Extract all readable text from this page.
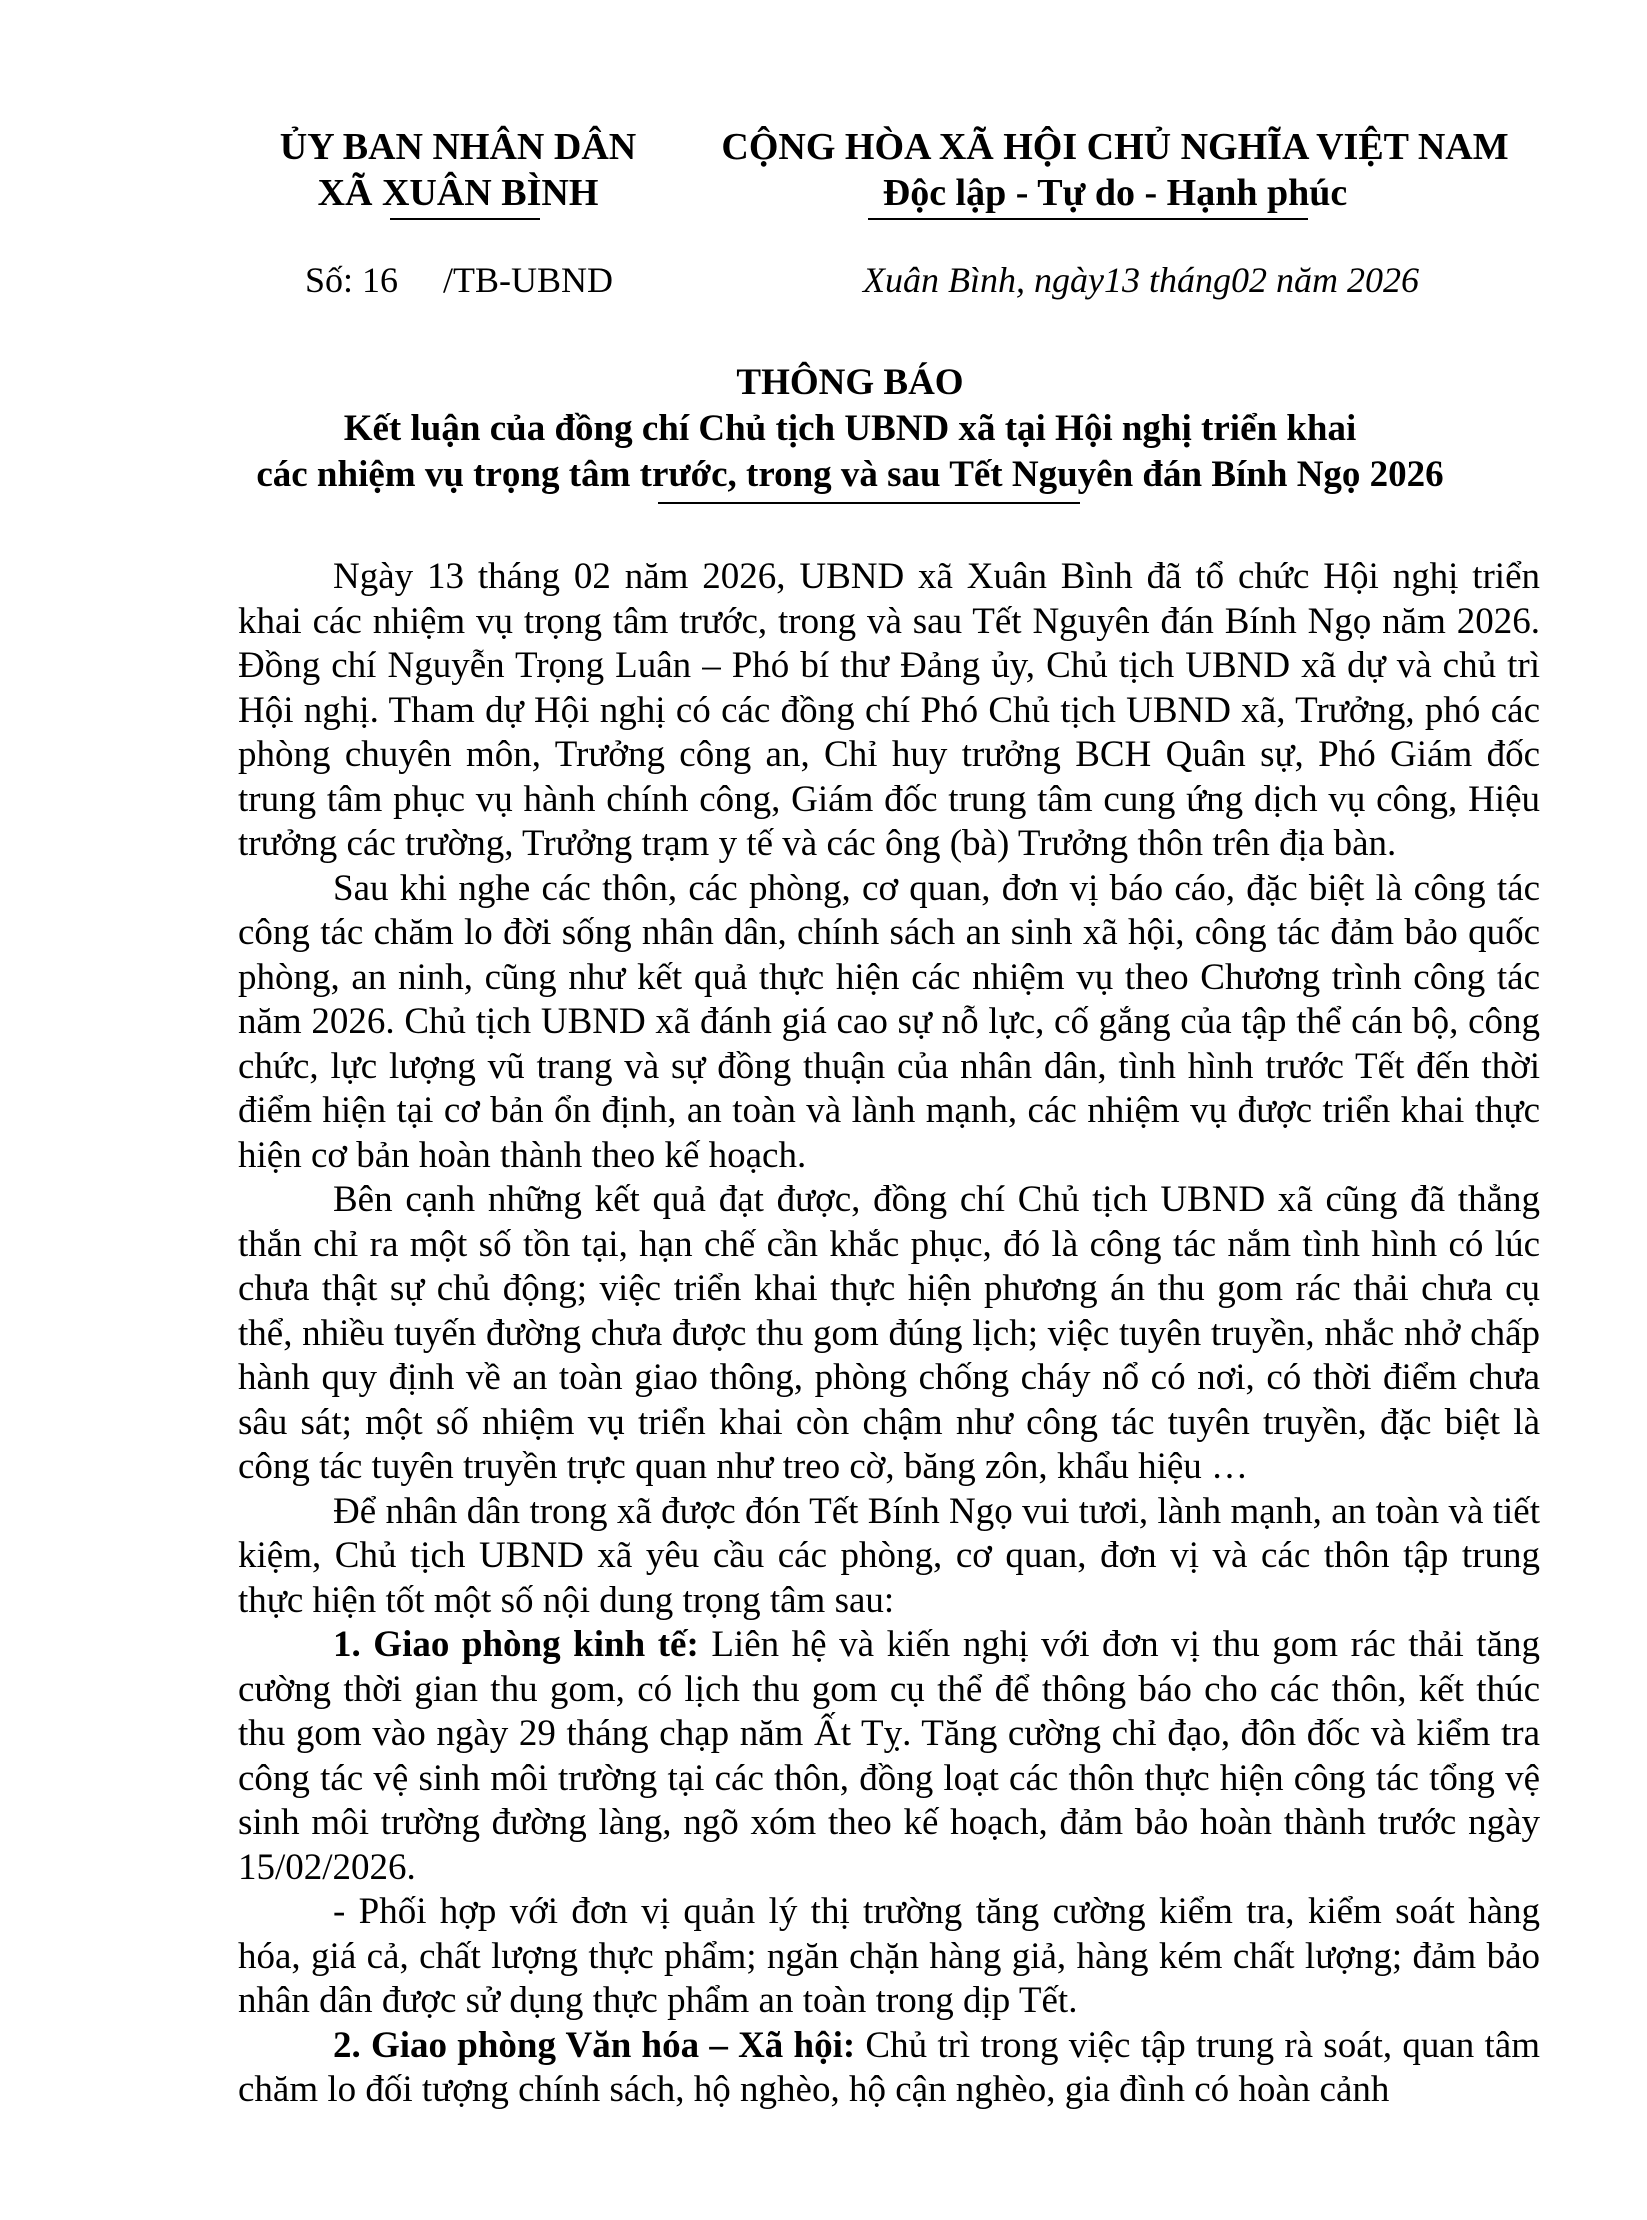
ỦY BAN NHÂN DÂN
XÃ XUÂN BÌNH
CỘNG HÒA XÃ HỘI CHỦ NGHĨA VIỆT NAM
Độc lập - Tự do - Hạnh phúc
Số: 16     /TB-UBND	Xuân Bình, ngày13 tháng02 năm 2026
THÔNG BÁO
Kết luận của đồng chí Chủ tịch UBND xã tại Hội nghị triển khai
các nhiệm vụ trọng tâm trước, trong và sau Tết Nguyên đán Bính Ngọ 2026

Ngày 13 tháng 02 năm 2026, UBND xã Xuân Bình đã tổ chức Hội nghị triển khai các nhiệm vụ trọng tâm trước, trong và sau Tết Nguyên đán Bính Ngọ năm 2026. Đồng chí Nguyễn Trọng Luân – Phó bí thư Đảng ủy, Chủ tịch UBND xã dự và chủ trì Hội nghị. Tham dự Hội nghị có các đồng chí Phó Chủ tịch UBND xã, Trưởng, phó các phòng chuyên môn, Trưởng công an, Chỉ huy trưởng BCH Quân sự, Phó Giám đốc trung tâm phục vụ hành chính công, Giám đốc trung tâm cung ứng dịch vụ công, Hiệu trưởng các trường, Trưởng trạm y tế và các ông (bà) Trưởng thôn trên địa bàn.

Sau khi nghe các thôn, các phòng, cơ quan, đơn vị báo cáo, đặc biệt là công tác công tác chăm lo đời sống nhân dân, chính sách an sinh xã hội, công tác đảm bảo quốc phòng, an ninh, cũng như kết quả thực hiện các nhiệm vụ theo Chương trình công tác năm 2026. Chủ tịch UBND xã đánh giá cao sự nỗ lực, cố gắng của tập thể cán bộ, công chức, lực lượng vũ trang và sự đồng thuận của nhân dân, tình hình trước Tết đến thời điểm hiện tại cơ bản ổn định, an toàn và lành mạnh, các nhiệm vụ được triển khai thực hiện cơ bản hoàn thành theo kế hoạch.

Bên cạnh những kết quả đạt được, đồng chí Chủ tịch UBND xã cũng đã thẳng thắn chỉ ra một số tồn tại, hạn chế cần khắc phục, đó là công tác nắm tình hình có lúc chưa thật sự chủ động; việc triển khai thực hiện phương án thu gom rác thải chưa cụ thể, nhiều tuyến đường chưa được thu gom đúng lịch; việc tuyên truyền, nhắc nhở chấp hành quy định về an toàn giao thông, phòng chống cháy nổ có nơi, có thời điểm chưa sâu sát; một số nhiệm vụ triển khai còn chậm như công tác tuyên truyền, đặc biệt là công tác tuyên truyền trực quan như treo cờ, băng zôn, khẩu hiệu …

Để nhân dân trong xã được đón Tết Bính Ngọ vui tươi, lành mạnh, an toàn và tiết kiệm, Chủ tịch UBND xã yêu cầu các phòng, cơ quan, đơn vị và các thôn tập trung thực hiện tốt một số nội dung trọng tâm sau:

1. Giao phòng kinh tế: Liên hệ và kiến nghị với đơn vị thu gom rác thải tăng cường thời gian thu gom, có lịch thu gom cụ thể để thông báo cho các thôn, kết thúc thu gom vào ngày 29 tháng chạp năm Ất Tỵ. Tăng cường chỉ đạo, đôn đốc và kiểm tra công tác vệ sinh môi trường tại các thôn, đồng loạt các thôn thực hiện công tác tổng vệ sinh môi trường đường làng, ngõ xóm theo kế hoạch, đảm bảo hoàn thành trước ngày 15/02/2026.

- Phối hợp với đơn vị quản lý thị trường tăng cường kiểm tra, kiểm soát hàng hóa, giá cả, chất lượng thực phẩm; ngăn chặn hàng giả, hàng kém chất lượng; đảm bảo nhân dân được sử dụng thực phẩm an toàn trong dịp Tết.

2. Giao phòng Văn hóa – Xã hội: Chủ trì trong việc tập trung rà soát, quan tâm chăm lo đối tượng chính sách, hộ nghèo, hộ cận nghèo, gia đình có hoàn cảnh
